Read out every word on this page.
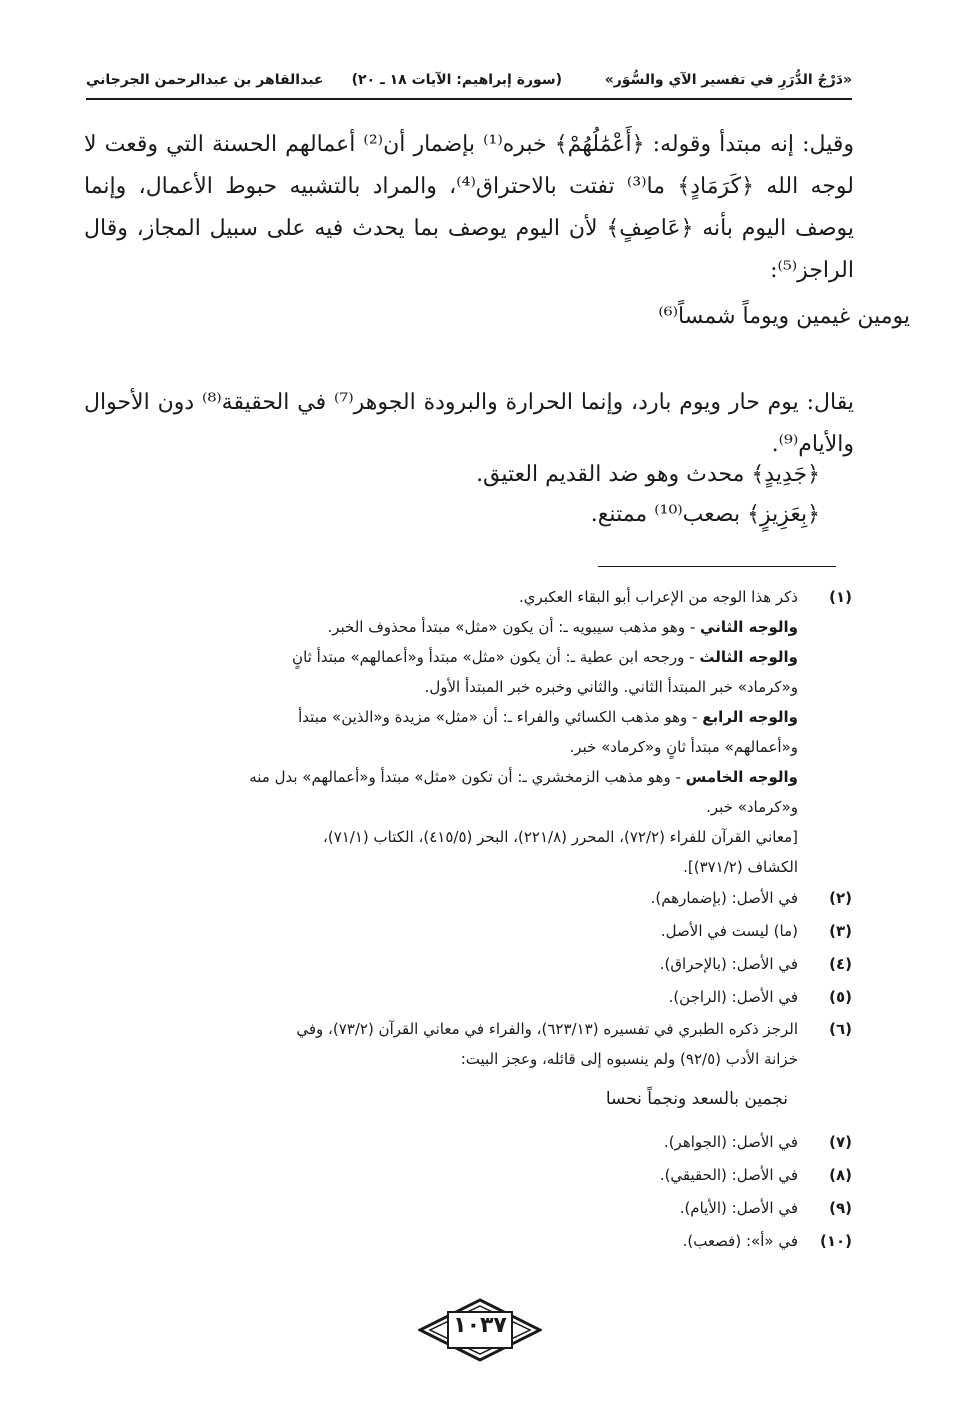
«دَرْجُ الدُّرَرِ في تفسير الآي والسُّوَر»
(سورة إبراهيم: الآيات ١٨ ـ ٢٠)
عبدالقاهر بن عبدالرحمن الجرجاني

وقيل: إنه مبتدأ وقوله: ﴿أَعْمَٰلُهُمْ﴾ خبره⁽¹⁾ بإضمار أن⁽²⁾ أعمالهم الحسنة التي وقعت لا لوجه الله ﴿كَرَمَادٍ﴾ ما⁽³⁾ تفتت بالاحتراق⁽⁴⁾، والمراد بالتشبيه حبوط الأعمال، وإنما يوصف اليوم بأنه ﴿عَاصِفٍ﴾ لأن اليوم يوصف بما يحدث فيه على سبيل المجاز، وقال الراجز⁽⁵⁾:

يومين غيمين ويوماً شمساً⁽⁶⁾

يقال: يوم حار ويوم بارد، وإنما الحرارة والبرودة الجوهر⁽⁷⁾ في الحقيقة⁽⁸⁾ دون الأحوال والأيام⁽⁹⁾.

﴿جَدِيدٍ﴾ محدث وهو ضد القديم العتيق.
﴿بِعَزِيزٍ﴾ بصعب⁽¹⁰⁾ ممتنع.
(١)
ذكر هذا الوجه من الإعراب أبو البقاء العكبري.
والوجه الثاني - وهو مذهب سيبويه ـ: أن يكون «مثل» مبتدأ محذوف الخبر.
والوجه الثالث - ورجحه ابن عطية ـ: أن يكون «مثل» مبتدأ و«أعمالهم» مبتدأ ثانٍ
و«كرماد» خبر المبتدأ الثاني. والثاني وخبره خبر المبتدأ الأول.
والوجه الرابع - وهو مذهب الكسائي والفراء ـ: أن «مثل» مزيدة و«الذين» مبتدأ
و«أعمالهم» مبتدأ ثانٍ و«كرماد» خبر.
والوجه الخامس - وهو مذهب الزمخشري ـ: أن تكون «مثل» مبتدأ و«أعمالهم» بدل منه
و«كرماد» خبر.
[معاني القرآن للفراء (٧٢/٢)، المحرر (٢٢١/٨)، البحر (٤١٥/٥)، الكتاب (٧١/١)،
الكشاف (٣٧١/٢)].
(٢)
في الأصل: (بإضمارهم).
(٣)
(ما) ليست في الأصل.
(٤)
في الأصل: (بالإحراق).
(٥)
في الأصل: (الراجن).
(٦)
الرجز ذكره الطبري في تفسيره (٦٢٣/١٣)، والفراء في معاني القرآن (٧٣/٢)، وفي
خزانة الأدب (٩٢/٥) ولم ينسبوه إلى قائله، وعجز البيت:
نجمين بالسعد ونجماً نحسا
(٧)
في الأصل: (الجواهر).
(٨)
في الأصل: (الحقيقي).
(٩)
في الأصل: (الأيام).
(١٠)
في «أ»: (فصعب).
١٠٣٧
